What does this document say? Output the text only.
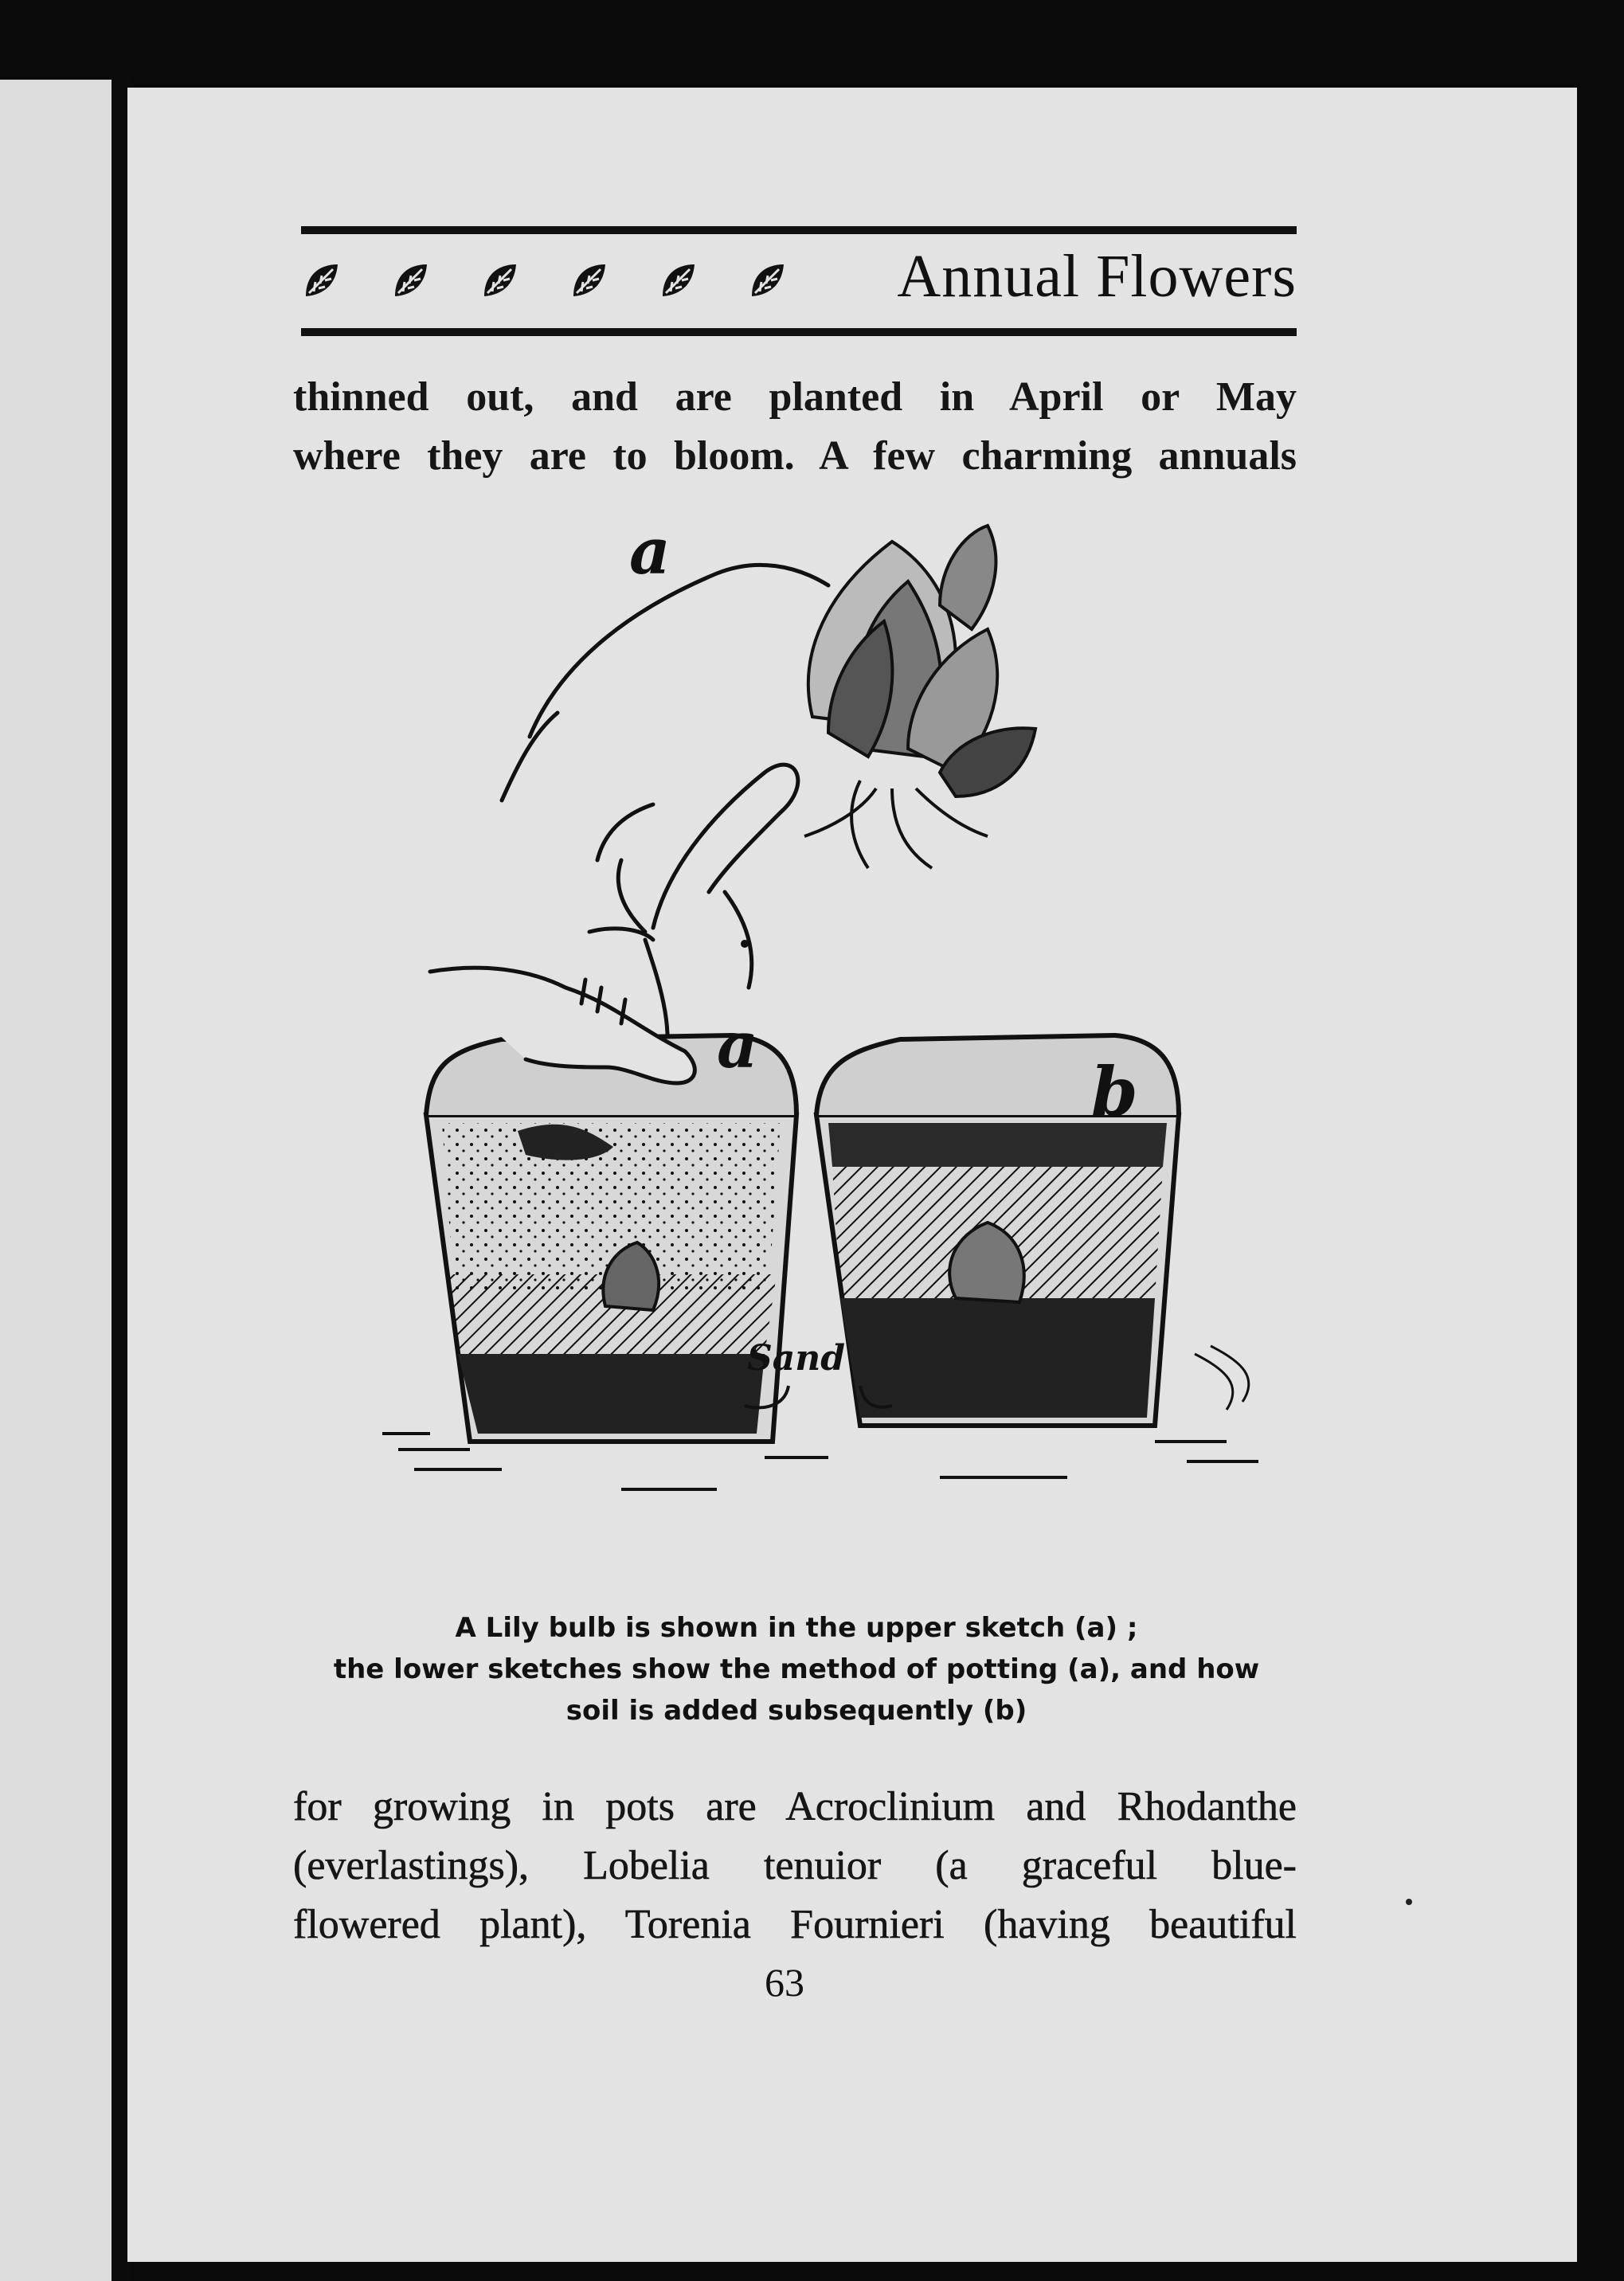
Annual Flowers
thinned out, and are planted in April or May
where they are to bloom. A few charming annuals
a
a
b
Sand
A Lily bulb is shown in the upper sketch (a) ;
the lower sketches show the method of potting (a), and how
soil is added subsequently (b)
for growing in pots are Acroclinium and Rhodanthe
(everlastings), Lobelia tenuior (a graceful blue-
flowered plant), Torenia Fournieri (having beautiful
63
